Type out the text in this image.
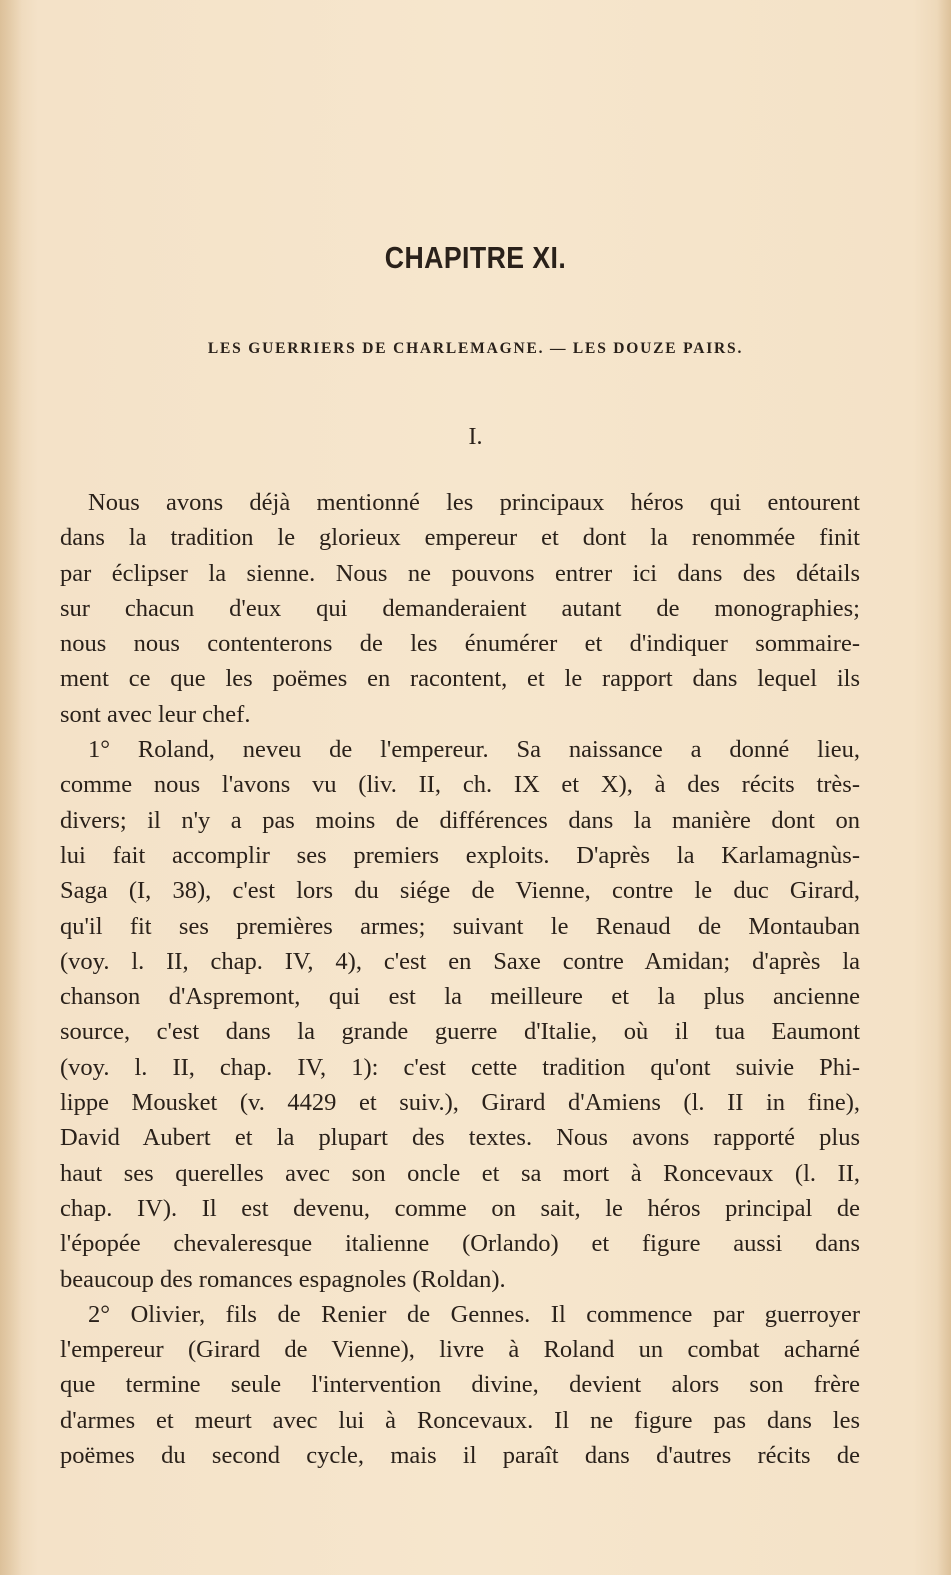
CHAPITRE XI.
LES GUERRIERS DE CHARLEMAGNE. — LES DOUZE PAIRS.
I.
Nous avons déjà mentionné les principaux héros qui entourent
dans la tradition le glorieux empereur et dont la renommée finit
par éclipser la sienne. Nous ne pouvons entrer ici dans des détails
sur chacun d'eux qui demanderaient autant de monographies;
nous nous contenterons de les énumérer et d'indiquer sommaire-
ment ce que les poëmes en racontent, et le rapport dans lequel ils
sont avec leur chef.
1° Roland, neveu de l'empereur. Sa naissance a donné lieu,
comme nous l'avons vu (liv. II, ch. IX et X), à des récits très-
divers; il n'y a pas moins de différences dans la manière dont on
lui fait accomplir ses premiers exploits. D'après la Karlamagnùs-
Saga (I, 38), c'est lors du siége de Vienne, contre le duc Girard,
qu'il fit ses premières armes; suivant le Renaud de Montauban
(voy. l. II, chap. IV, 4), c'est en Saxe contre Amidan; d'après la
chanson d'Aspremont, qui est la meilleure et la plus ancienne
source, c'est dans la grande guerre d'Italie, où il tua Eaumont
(voy. l. II, chap. IV, 1): c'est cette tradition qu'ont suivie Phi-
lippe Mousket (v. 4429 et suiv.), Girard d'Amiens (l. II in fine),
David Aubert et la plupart des textes. Nous avons rapporté plus
haut ses querelles avec son oncle et sa mort à Roncevaux (l. II,
chap. IV). Il est devenu, comme on sait, le héros principal de
l'épopée chevaleresque italienne (Orlando) et figure aussi dans
beaucoup des romances espagnoles (Roldan).
2° Olivier, fils de Renier de Gennes. Il commence par guerroyer
l'empereur (Girard de Vienne), livre à Roland un combat acharné
que termine seule l'intervention divine, devient alors son frère
d'armes et meurt avec lui à Roncevaux. Il ne figure pas dans les
poëmes du second cycle, mais il paraît dans d'autres récits de
